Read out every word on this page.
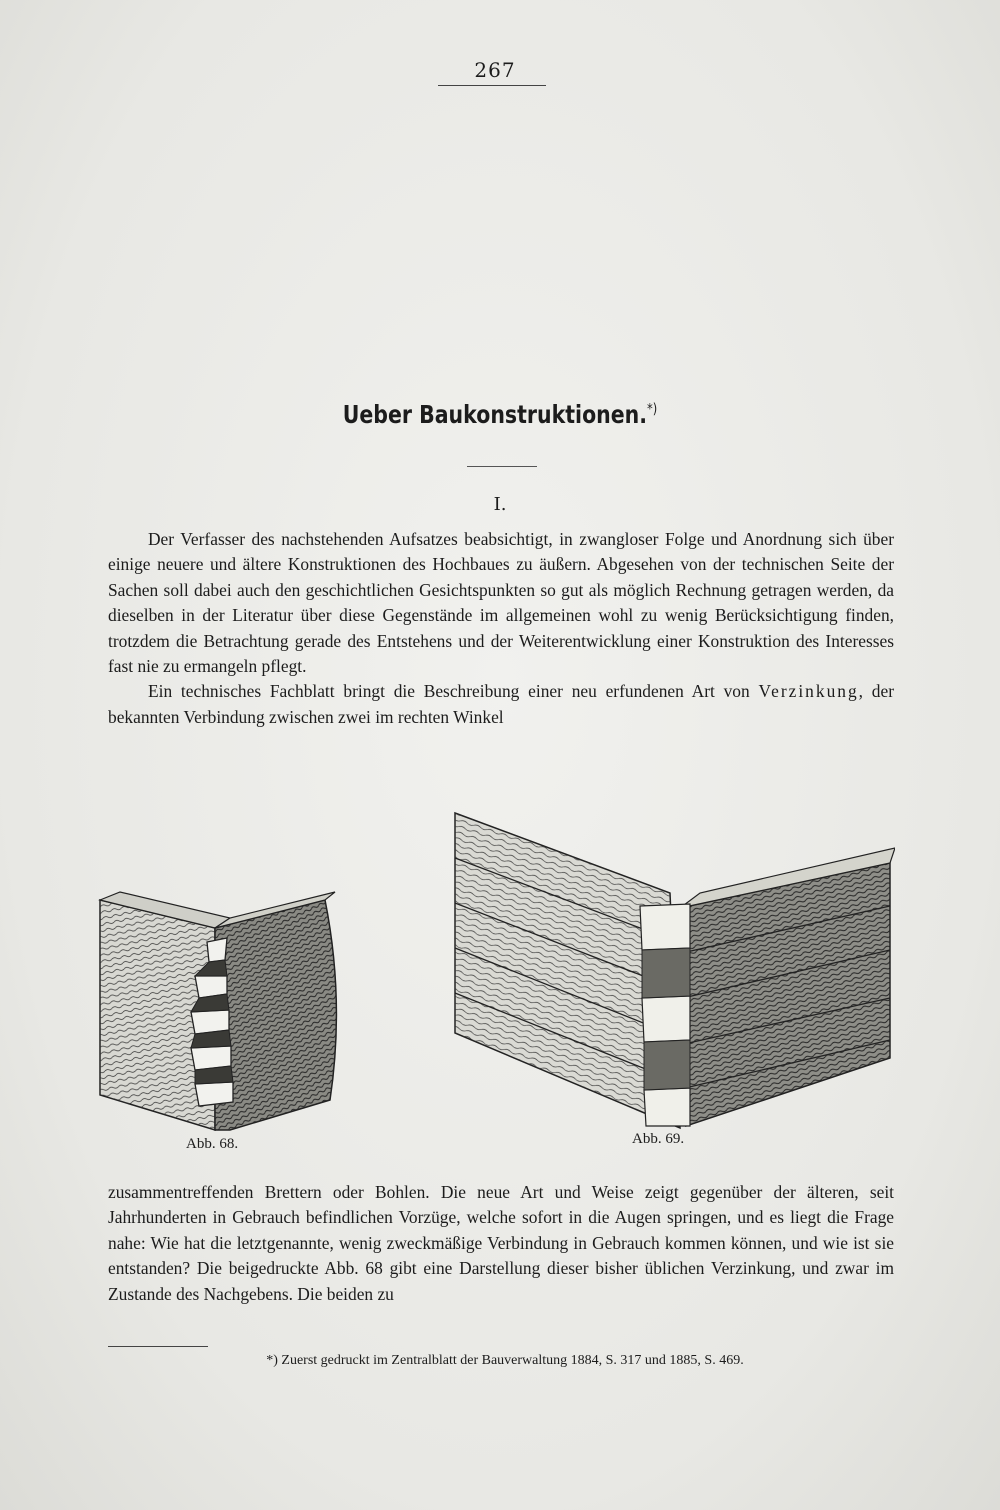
267
Ueber Baukonstruktionen.*)
I.

Der Verfasser des nachstehenden Aufsatzes beabsichtigt, in zwangloser Folge und Anordnung sich über einige neuere und ältere Konstruktionen des Hochbaues zu äußern. Abgesehen von der technischen Seite der Sachen soll dabei auch den geschichtlichen Gesichtspunkten so gut als möglich Rechnung getragen werden, da dieselben in der Literatur über diese Gegenstände im allgemeinen wohl zu wenig Berücksichtigung finden, trotzdem die Betrachtung gerade des Entstehens und der Weiterentwicklung einer Konstruktion des Interesses fast nie zu ermangeln pflegt.

Ein technisches Fachblatt bringt die Beschreibung einer neu erfundenen Art von Verzinkung, der bekannten Verbindung zwischen zwei im rechten Winkel

Abb. 68.	Abb. 69.

zusammentreffenden Brettern oder Bohlen. Die neue Art und Weise zeigt gegenüber der älteren, seit Jahrhunderten in Gebrauch befindlichen Vorzüge, welche sofort in die Augen springen, und es liegt die Frage nahe: Wie hat die letztgenannte, wenig zweckmäßige Verbindung in Gebrauch kommen können, und wie ist sie entstanden? Die beigedruckte Abb. 68 gibt eine Darstellung dieser bisher üblichen Verzinkung, und zwar im Zustande des Nachgebens. Die beiden zu

*) Zuerst gedruckt im Zentralblatt der Bauverwaltung 1884, S. 317 und 1885, S. 469.
